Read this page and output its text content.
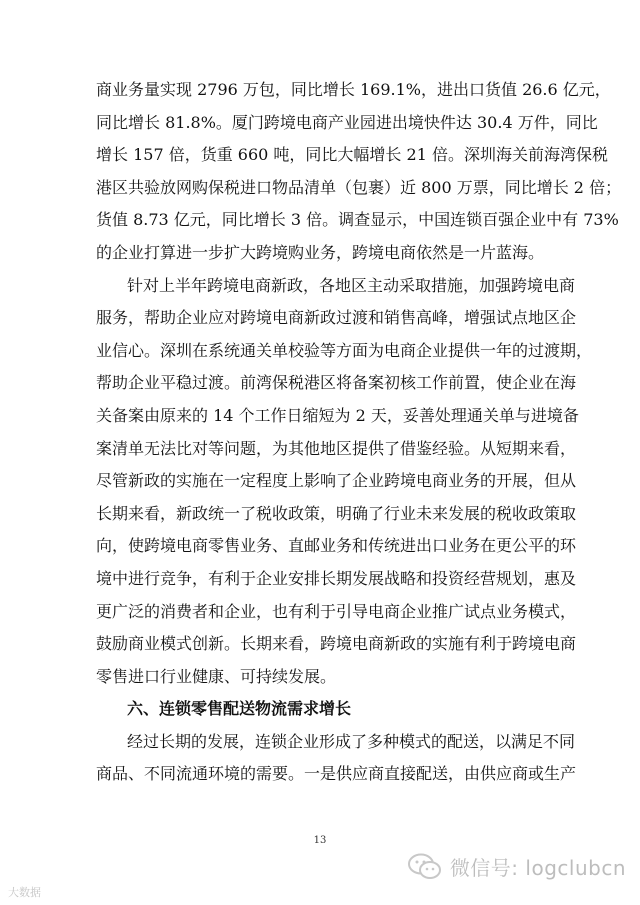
商业务量实现 2796 万包，同比增长 169.1%，进出口货值 26.6 亿元，
同比增长 81.8%。厦门跨境电商产业园进出境快件达 30.4 万件，同比
增长 157 倍，货重 660 吨，同比大幅增长 21 倍。深圳海关前海湾保税
港区共验放网购保税进口物品清单（包裹）近 800 万票，同比增长 2 倍；
货值 8.73 亿元，同比增长 3 倍。调查显示，中国连锁百强企业中有 73%
的企业打算进一步扩大跨境购业务，跨境电商依然是一片蓝海。
针对上半年跨境电商新政，各地区主动采取措施，加强跨境电商
服务，帮助企业应对跨境电商新政过渡和销售高峰，增强试点地区企
业信心。深圳在系统通关单校验等方面为电商企业提供一年的过渡期，
帮助企业平稳过渡。前湾保税港区将备案初核工作前置，使企业在海
关备案由原来的 14 个工作日缩短为 2 天，妥善处理通关单与进境备
案清单无法比对等问题，为其他地区提供了借鉴经验。从短期来看，
尽管新政的实施在一定程度上影响了企业跨境电商业务的开展，但从
长期来看，新政统一了税收政策，明确了行业未来发展的税收政策取
向，使跨境电商零售业务、直邮业务和传统进出口业务在更公平的环
境中进行竞争，有利于企业安排长期发展战略和投资经营规划，惠及
更广泛的消费者和企业，也有利于引导电商企业推广试点业务模式，
鼓励商业模式创新。长期来看，跨境电商新政的实施有利于跨境电商
零售进口行业健康、可持续发展。
六、连锁零售配送物流需求增长
经过长期的发展，连锁企业形成了多种模式的配送，以满足不同
商品、不同流通环境的需要。一是供应商直接配送，由供应商或生产
13
微信号: logclubcn
大数据
